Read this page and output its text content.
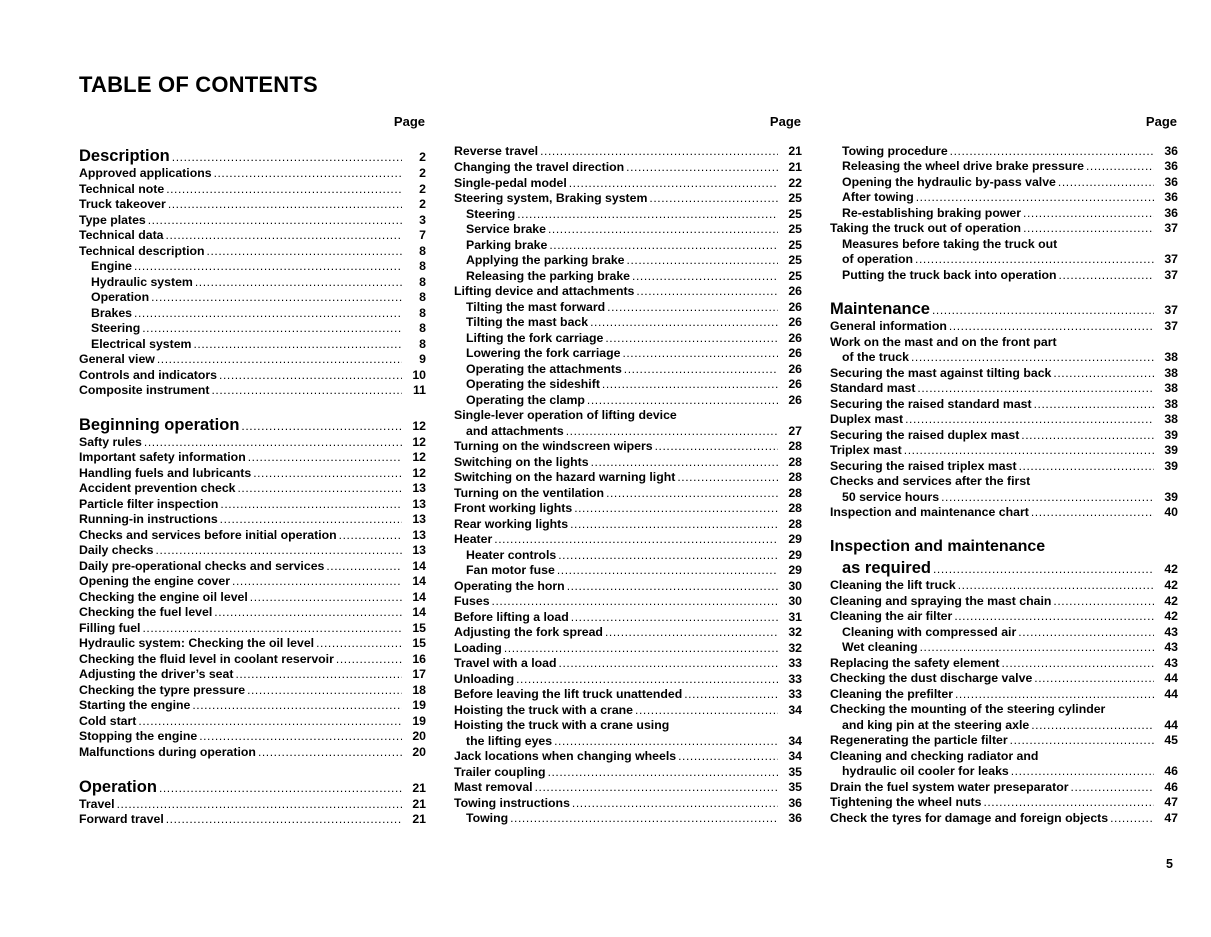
TABLE OF CONTENTS
Page
Description .....	2
Approved applications .....	2
Technical note .....	2
Truck takeover .....	2
Type plates .....	3
Technical data .....	7
Technical description .....	8
Engine .....	8
Hydraulic system .....	8
Operation .....	8
Brakes .....	8
Steering .....	8
Electrical system .....	8
General view .....	9
Controls and indicators .....	10
Composite instrument .....	11
Beginning operation .....	12
Safty rules .....	12
Important safety information .....	12
Handling fuels and lubricants .....	12
Accident prevention check .....	13
Particle filter inspection .....	13
Running-in instructions .....	13
Checks and services before initial operation .....	13
Daily checks .....	13
Daily pre-operational checks and services .....	14
Opening the engine cover .....	14
Checking the engine oil level .....	14
Checking the fuel level .....	14
Filling fuel .....	15
Hydraulic system: Checking the oil level .....	15
Checking the fluid level in coolant reservoir .....	16
Adjusting the driver’s seat .....	17
Checking the typre pressure .....	18
Starting the engine .....	19
Cold start .....	19
Stopping the engine .....	20
Malfunctions during operation .....	20
Operation .....	21
Travel .....	21
Forward travel .....	21
Page
Reverse travel .....	21
Changing the travel direction .....	21
Single-pedal model .....	22
Steering system, Braking system .....	25
Steering .....	25
Service brake .....	25
Parking brake .....	25
Applying the parking brake .....	25
Releasing the parking brake .....	25
Lifting device and attachments .....	26
Tilting the mast forward .....	26
Tilting the mast back .....	26
Lifting the fork carriage .....	26
Lowering the fork carriage .....	26
Operating the attachments .....	26
Operating the sideshift .....	26
Operating the clamp .....	26
Single-lever operation of lifting device
and attachments .....	27
Turning on the windscreen wipers .....	28
Switching on the lights .....	28
Switching on the hazard warning light .....	28
Turning on the ventilation .....	28
Front working lights .....	28
Rear working lights .....	28
Heater .....	29
Heater controls .....	29
Fan motor fuse .....	29
Operating the horn .....	30
Fuses .....	30
Before lifting a load .....	31
Adjusting the fork spread .....	32
Loading .....	32
Travel with a load .....	33
Unloading .....	33
Before leaving the lift truck unattended .....	33
Hoisting the truck with a crane .....	34
Hoisting the truck with a crane using
the lifting eyes .....	34
Jack locations when changing wheels .....	34
Trailer coupling .....	35
Mast removal .....	35
Towing instructions .....	36
Towing .....	36
Page
Towing procedure .....	36
Releasing the wheel drive brake pressure .....	36
Opening the hydraulic by-pass valve .....	36
After towing .....	36
Re-establishing braking power .....	36
Taking the truck out of operation .....	37
Measures before taking the truck out
of operation .....	37
Putting the truck back into operation .....	37
Maintenance .....	37
General information .....	37
Work on the mast and on the front part
of the truck .....	38
Securing the mast against tilting back .....	38
Standard mast .....	38
Securing the raised standard mast .....	38
Duplex mast .....	38
Securing the raised duplex mast .....	39
Triplex mast .....	39
Securing the raised triplex mast .....	39
Checks and services after the first
50 service hours .....	39
Inspection and maintenance chart .....	40
Inspection and maintenance
as required .....	42
Cleaning the lift truck .....	42
Cleaning and spraying the mast chain .....	42
Cleaning the air filter .....	42
Cleaning with compressed air .....	43
Wet cleaning .....	43
Replacing the safety element .....	43
Checking the dust discharge valve .....	44
Cleaning the prefilter .....	44
Checking the mounting of the steering cylinder
and king pin at the steering axle .....	44
Regenerating the particle filter .....	45
Cleaning and checking radiator and
hydraulic oil cooler for leaks .....	46
Drain the fuel system water preseparator .....	46
Tightening the wheel nuts .....	47
Check the tyres for damage and foreign objects .....	47
5
